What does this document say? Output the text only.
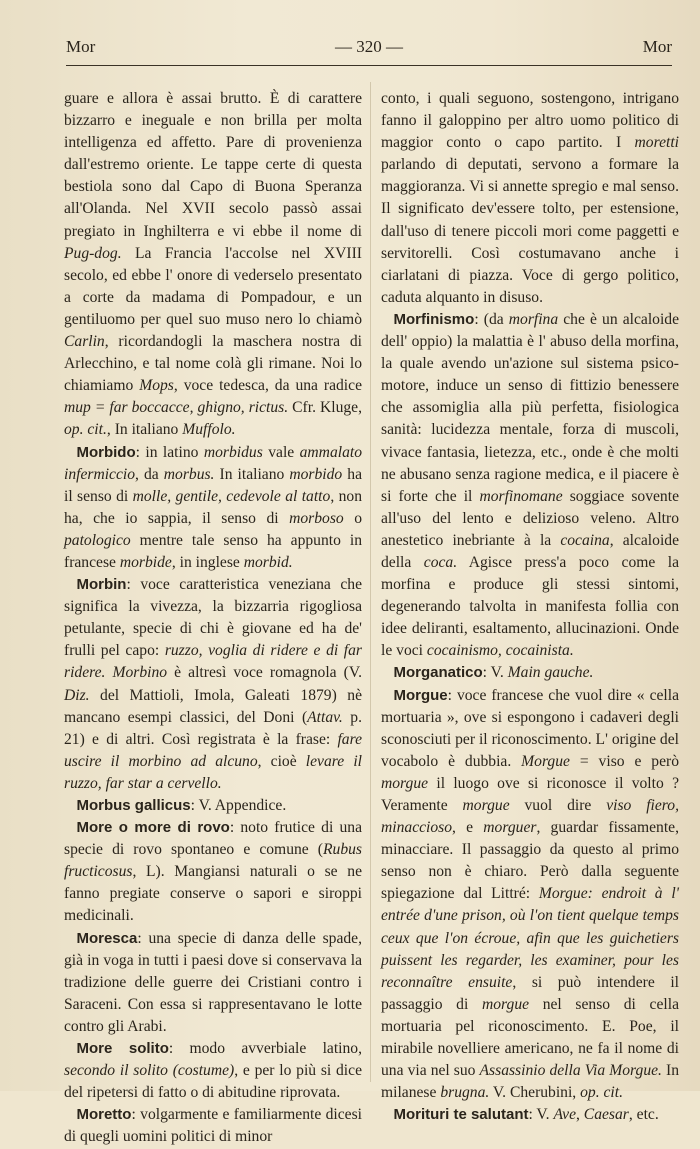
Mor	— 320 —	Mor

guare e allora è assai brutto. È di carattere bizzarro e ineguale e non brilla per molta intelligenza ed affetto. Pare di provenienza dall'estremo oriente. Le tappe certe di questa bestiola sono dal Capo di Buona Speranza all'Olanda. Nel XVII secolo passò assai pregiato in Inghilterra e vi ebbe il nome di Pug-dog. La Francia l'accolse nel XVIII secolo, ed ebbe l' onore di vederselo presentato a corte da madama di Pompadour, e un gentiluomo per quel suo muso nero lo chiamò Carlin, ricordandogli la maschera nostra di Arlecchino, e tal nome colà gli rimane. Noi lo chiamiamo Mops, voce tedesca, da una radice mup = far boccacce, ghigno, rictus. Cfr. Kluge, op. cit., In italiano Muffolo.

Morbido: in latino morbidus vale ammalato infermiccio, da morbus. In italiano morbido ha il senso di molle, gentile, cedevole al tatto, non ha, che io sappia, il senso di morboso o patologico mentre tale senso ha appunto in francese morbide, in inglese morbid.

Morbin: voce caratteristica veneziana che significa la vivezza, la bizzarria rigogliosa petulante, specie di chi è giovane ed ha de' frulli pel capo: ruzzo, voglia di ridere e di far ridere. Morbino è altresì voce romagnola (V. Diz. del Mattioli, Imola, Galeati 1879) nè mancano esempi classici, del Doni (Attav. p. 21) e di altri. Così registrata è la frase: fare uscire il morbino ad alcuno, cioè levare il ruzzo, far star a cervello.

Morbus gallicus: V. Appendice.

More o more di rovo: noto frutice di una specie di rovo spontaneo e comune (Rubus fructicosus, L). Mangiansi naturali o se ne fanno pregiate conserve o sapori e siroppi medicinali.

Moresca: una specie di danza delle spade, già in voga in tutti i paesi dove si conservava la tradizione delle guerre dei Cristiani contro i Saraceni. Con essa si rappresentavano le lotte contro gli Arabi.

More solito: modo avverbiale latino, secondo il solito (costume), e per lo più si dice del ripetersi di fatto o di abitudine riprovata.

Moretto: volgarmente e familiarmente dicesi di quegli uomini politici di minor

conto, i quali seguono, sostengono, intrigano fanno il galoppino per altro uomo politico di maggior conto o capo partito. I moretti parlando di deputati, servono a formare la maggioranza. Vi si annette spregio e mal senso. Il significato dev'essere tolto, per estensione, dall'uso di tenere piccoli mori come paggetti e servitorelli. Così costumavano anche i ciarlatani di piazza. Voce di gergo politico, caduta alquanto in disuso.

Morfinismo: (da morfina che è un alcaloide dell' oppio) la malattia è l' abuso della morfina, la quale avendo un'azione sul sistema psico-motore, induce un senso di fittizio benessere che assomiglia alla più perfetta, fisiologica sanità: lucidezza mentale, forza di muscoli, vivace fantasia, lietezza, etc., onde è che molti ne abusano senza ragione medica, e il piacere è si forte che il morfinomane soggiace sovente all'uso del lento e delizioso veleno. Altro anestetico inebriante à la cocaina, alcaloide della coca. Agisce press'a poco come la morfina e produce gli stessi sintomi, degenerando talvolta in manifesta follia con idee deliranti, esaltamento, allucinazioni. Onde le voci cocainismo, cocainista.

Morganatico: V. Main gauche.

Morgue: voce francese che vuol dire « cella mortuaria », ove si espongono i cadaveri degli sconosciuti per il riconoscimento. L' origine del vocabolo è dubbia. Morgue = viso e però morgue il luogo ove si riconosce il volto ? Veramente morgue vuol dire viso fiero, minaccioso, e morguer, guardar fissamente, minacciare. Il passaggio da questo al primo senso non è chiaro. Però dalla seguente spiegazione dal Littré: Morgue: endroit à l' entrée d'une prison, où l'on tient quelque temps ceux que l'on écroue, afin que les guichetiers puissent les regarder, les examiner, pour les reconnaître ensuite, si può intendere il passaggio di morgue nel senso di cella mortuaria pel riconoscimento. E. Poe, il mirabile novelliere americano, ne fa il nome di una via nel suo Assassinio della Via Morgue. In milanese brugna. V. Cherubini, op. cit.

Morituri te salutant: V. Ave, Caesar, etc.
